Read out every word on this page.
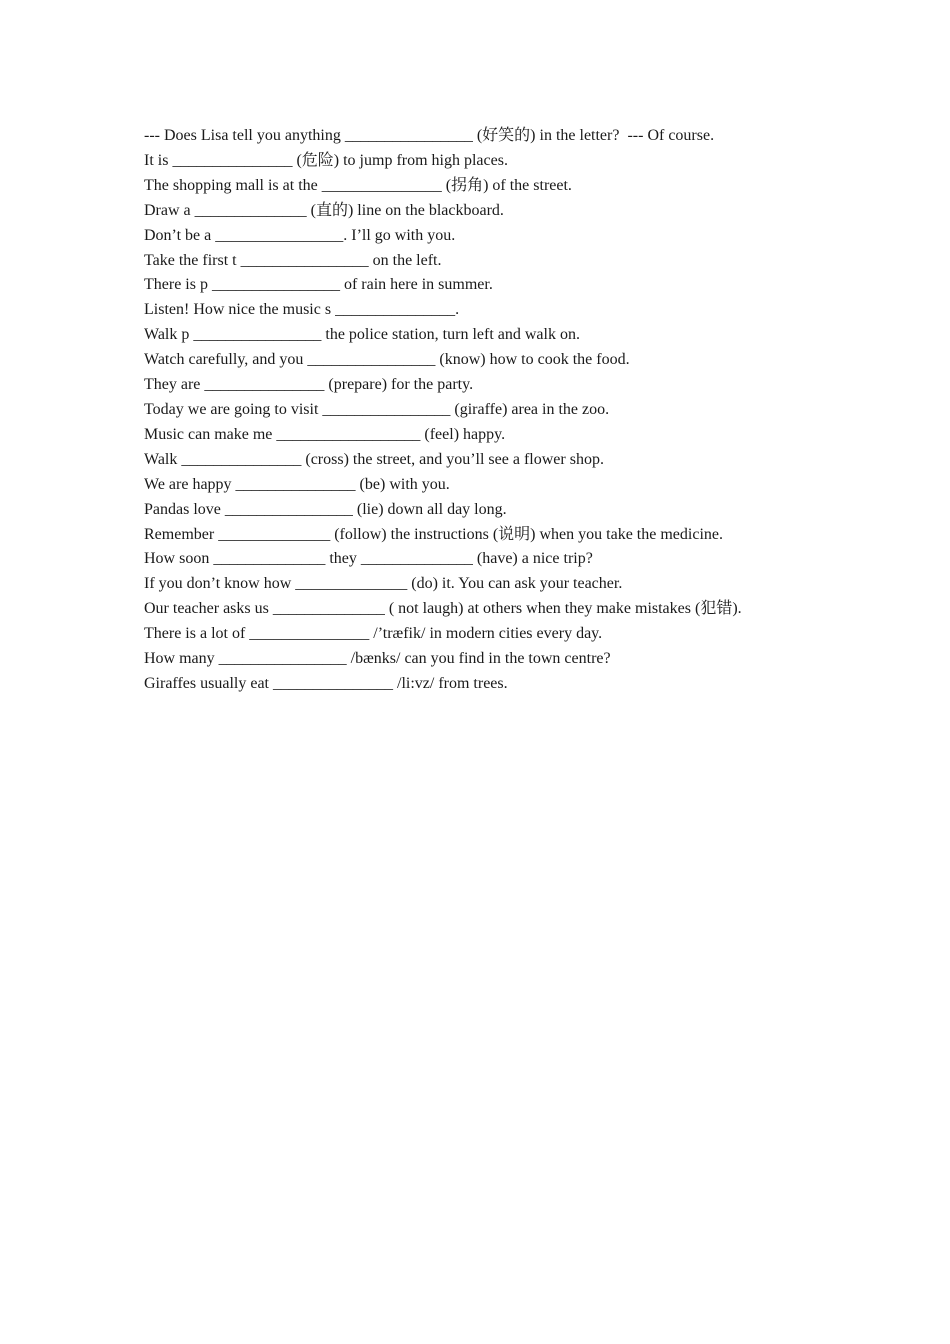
--- Does Lisa tell you anything ________________ (好笑的) in the letter?  --- Of course.
It is _______________ (危险) to jump from high places.
The shopping mall is at the _______________ (拐角) of the street.
Draw a ______________ (直的) line on the blackboard.
Don’t be a ________________. I’ll go with you.
Take the first t ________________ on the left.
There is p ________________ of rain here in summer.
Listen! How nice the music s _______________.
Walk p ________________ the police station, turn left and walk on.
Watch carefully, and you ________________ (know) how to cook the food.
They are _______________ (prepare) for the party.
Today we are going to visit ________________ (giraffe) area in the zoo.
Music can make me __________________ (feel) happy.
Walk _______________ (cross) the street, and you’ll see a flower shop.
We are happy _______________ (be) with you.
Pandas love ________________ (lie) down all day long.
Remember ______________ (follow) the instructions (说明) when you take the medicine.
How soon ______________ they ______________ (have) a nice trip?
If you don’t know how ______________ (do) it. You can ask your teacher.
Our teacher asks us ______________ ( not laugh) at others when they make mistakes (犯错).
There is a lot of _______________ /’træfik/ in modern cities every day.
How many ________________ /bænks/ can you find in the town centre?
Giraffes usually eat _______________ /li:vz/ from trees.
